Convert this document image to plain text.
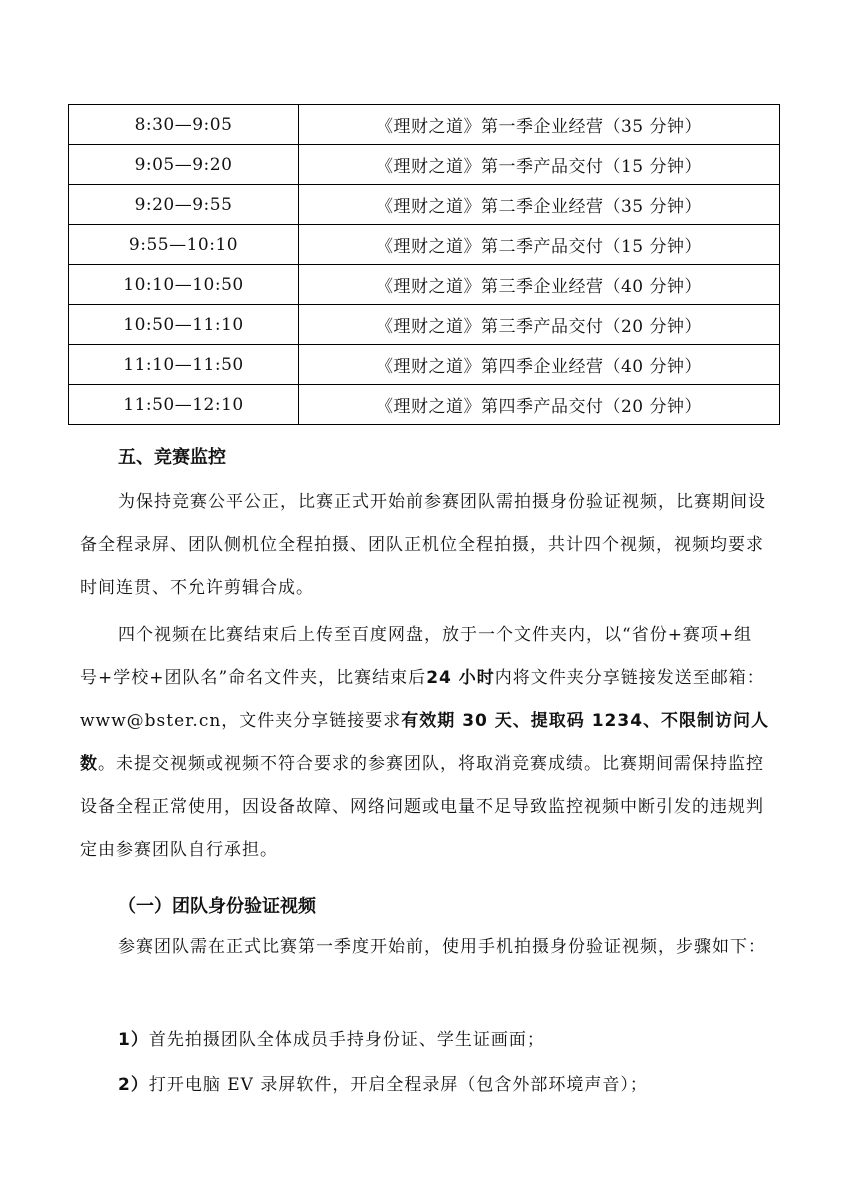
8:30—9:05	《理财之道》第一季企业经营（35 分钟）
9:05—9:20	《理财之道》第一季产品交付（15 分钟）
9:20—9:55	《理财之道》第二季企业经营（35 分钟）
9:55—10:10	《理财之道》第二季产品交付（15 分钟）
10:10—10:50	《理财之道》第三季企业经营（40 分钟）
10:50—11:10	《理财之道》第三季产品交付（20 分钟）
11:10—11:50	《理财之道》第四季企业经营（40 分钟）
11:50—12:10	《理财之道》第四季产品交付（20 分钟）
五、竞赛监控

为保持竞赛公平公正，比赛正式开始前参赛团队需拍摄身份验证视频，比赛期间设备全程录屏、团队侧机位全程拍摄、团队正机位全程拍摄，共计四个视频，视频均要求时间连贯、不允许剪辑合成。

四个视频在比赛结束后上传至百度网盘，放于一个文件夹内，以“省份+赛项+组号+学校+团队名”命名文件夹，比赛结束后24 小时内将文件夹分享链接发送至邮箱：www@bster.cn，文件夹分享链接要求有效期 30 天、提取码 1234、不限制访问人数。未提交视频或视频不符合要求的参赛团队，将取消竞赛成绩。比赛期间需保持监控设备全程正常使用，因设备故障、网络问题或电量不足导致监控视频中断引发的违规判定由参赛团队自行承担。

（一）团队身份验证视频

参赛团队需在正式比赛第一季度开始前，使用手机拍摄身份验证视频，步骤如下：

1）首先拍摄团队全体成员手持身份证、学生证画面；
2）打开电脑 EV 录屏软件，开启全程录屏（包含外部环境声音）；
